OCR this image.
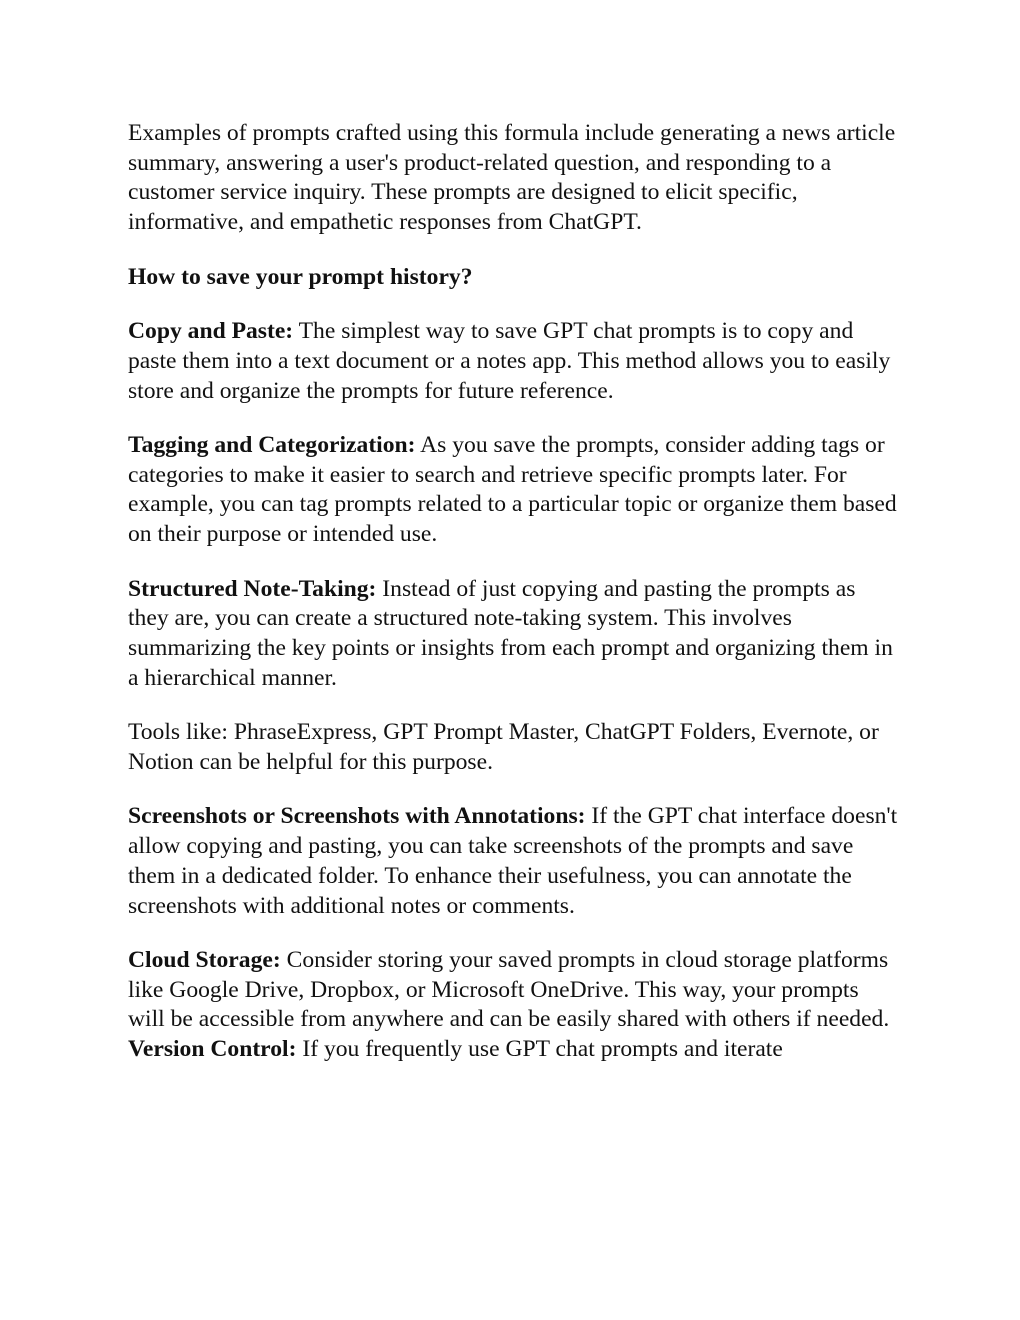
Examples of prompts crafted using this formula include generating a news article summary, answering a user's product-related question, and responding to a customer service inquiry. These prompts are designed to elicit specific, informative, and empathetic responses from ChatGPT.

How to save your prompt history?

Copy and Paste: The simplest way to save GPT chat prompts is to copy and paste them into a text document or a notes app. This method allows you to easily store and organize the prompts for future reference.

Tagging and Categorization: As you save the prompts, consider adding tags or categories to make it easier to search and retrieve specific prompts later. For example, you can tag prompts related to a particular topic or organize them based on their purpose or intended use.

Structured Note-Taking: Instead of just copying and pasting the prompts as they are, you can create a structured note-taking system. This involves summarizing the key points or insights from each prompt and organizing them in a hierarchical manner.

Tools like: PhraseExpress, GPT Prompt Master, ChatGPT Folders, Evernote, or Notion can be helpful for this purpose.

Screenshots or Screenshots with Annotations: If the GPT chat interface doesn't allow copying and pasting, you can take screenshots of the prompts and save them in a dedicated folder. To enhance their usefulness, you can annotate the screenshots with additional notes or comments.

Cloud Storage: Consider storing your saved prompts in cloud storage platforms like Google Drive, Dropbox, or Microsoft OneDrive. This way, your prompts will be accessible from anywhere and can be easily shared with others if needed.

Version Control: If you frequently use GPT chat prompts and iterate
